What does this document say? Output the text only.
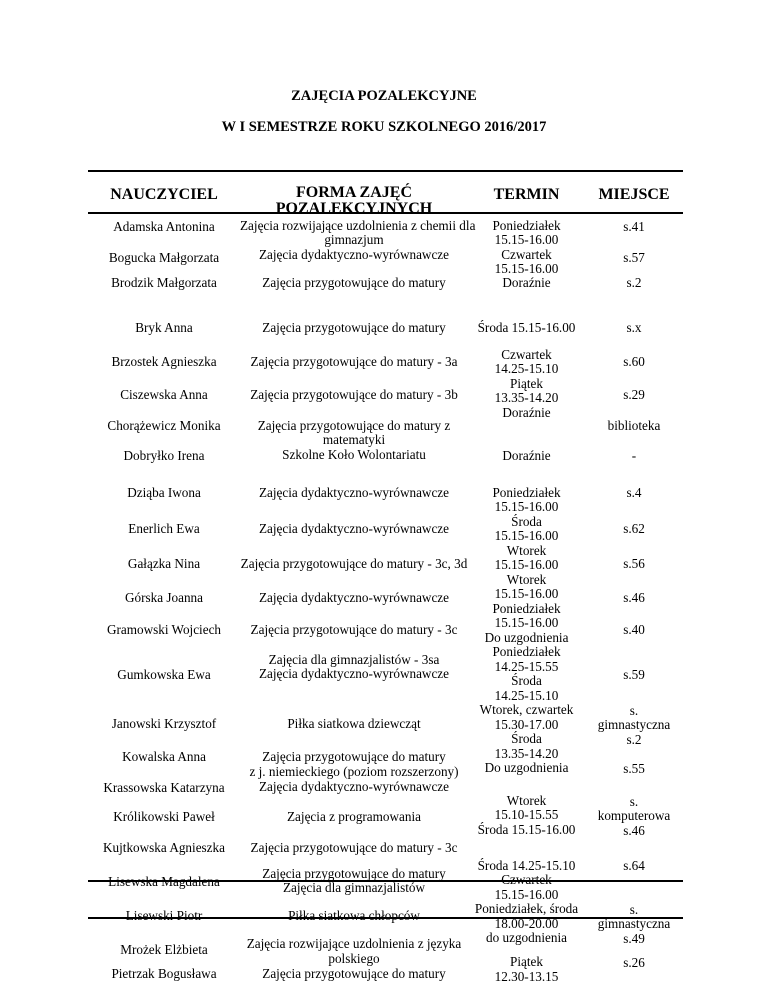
ZAJĘCIA POZALEKCYJNE
W I SEMESTRZE ROKU SZKOLNEGO 2016/2017
NAUCZYCIEL	FORMA ZAJĘĆ
POZALEKCYJNYCH
TERMIN	MIEJSCE
Adamska Antonina
Bogucka Małgorzata
Brodzik Małgorzata
Bryk Anna
Brzostek Agnieszka
Ciszewska Anna
Chorążewicz Monika
Dobryłko Irena
Dziąba Iwona
Enerlich Ewa
Gałązka Nina
Górska Joanna
Gramowski Wojciech
Gumkowska Ewa
Janowski Krzysztof
Kowalska Anna
Krassowska Katarzyna
Królikowski Paweł
Kujtkowska Agnieszka
Lisewska Magdalena
Lisewski Piotr
Mrożek Elżbieta
Pietrzak Bogusława
Zajęcia rozwijające uzdolnienia z chemii dla
gimnazjum
Zajęcia dydaktyczno-wyrównawcze
Zajęcia przygotowujące do matury
Zajęcia przygotowujące do matury
Zajęcia przygotowujące do matury - 3a
Zajęcia przygotowujące do matury - 3b
Zajęcia przygotowujące do matury z
matematyki
Szkolne Koło Wolontariatu
Zajęcia dydaktyczno-wyrównawcze
Zajęcia dydaktyczno-wyrównawcze
Zajęcia przygotowujące do matury - 3c, 3d
Zajęcia dydaktyczno-wyrównawcze
Zajęcia przygotowujące do matury - 3c
Zajęcia dla gimnazjalistów - 3sa
Zajęcia dydaktyczno-wyrównawcze
Piłka siatkowa dziewcząt
Zajęcia przygotowujące do matury
z j. niemieckiego (poziom rozszerzony)
Zajęcia dydaktyczno-wyrównawcze
Zajęcia z programowania
Zajęcia przygotowujące do matury - 3c
Zajęcia przygotowujące do matury
Zajęcia dla gimnazjalistów
Piłka siatkowa chłopców
Zajęcia rozwijające uzdolnienia z języka
polskiego
Zajęcia przygotowujące do matury
Poniedziałek
15.15-16.00
Czwartek
15.15-16.00
Doraźnie
Środa 15.15-16.00
Czwartek
14.25-15.10
Piątek
13.35-14.20
Doraźnie
Doraźnie
Poniedziałek
15.15-16.00
Środa
15.15-16.00
Wtorek
15.15-16.00
Wtorek
15.15-16.00
Poniedziałek
15.15-16.00
Do uzgodnienia
Poniedziałek
14.25-15.55
Środa
14.25-15.10
Wtorek, czwartek
15.30-17.00
Środa
13.35-14.20
Do uzgodnienia
Wtorek
15.10-15.55
Środa 15.15-16.00
Środa 14.25-15.10
Czwartek
15.15-16.00
Poniedziałek, środa
18.00-20.00
do uzgodnienia
Piątek
12.30-13.15
s.41
s.57
s.2
s.x
s.60
s.29
biblioteka
-
s.4
s.62
s.56
s.46
s.40
s.59
s.
gimnastyczna
s.2
s.55
s.
komputerowa
s.46
s.64
s.
gimnastyczna
s.49
s.26
